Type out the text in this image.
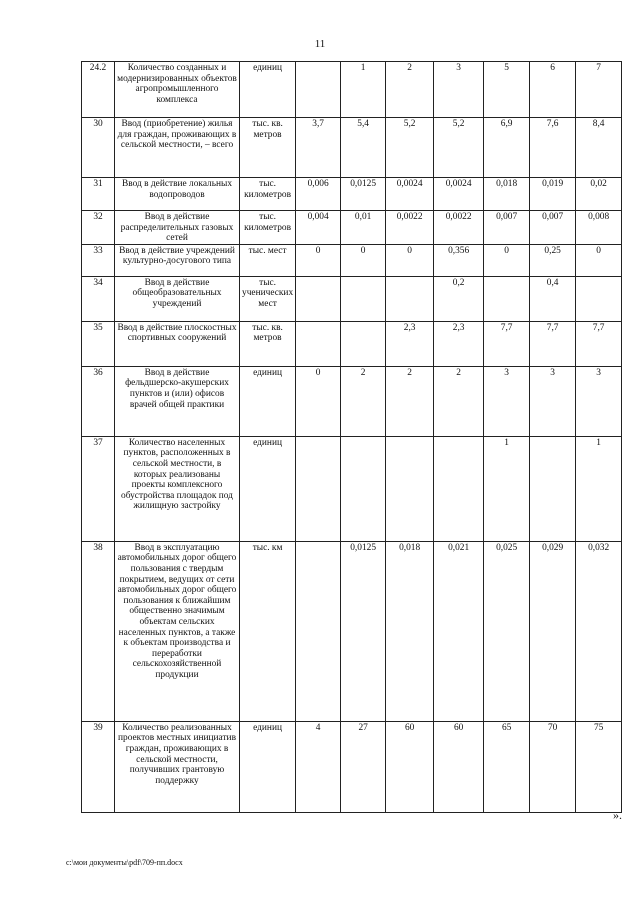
11
24.2	Количество созданных и модернизированных объектов агропромышленного комплекса	единиц		1	2	3	5	6	7
30	Ввод (приобретение) жилья для граждан, проживающих в сельской местности, – всего	тыс. кв. метров	3,7	5,4	5,2	5,2	6,9	7,6	8,4
31	Ввод в действие локальных водопроводов	тыс. километров	0,006	0,0125	0,0024	0,0024	0,018	0,019	0,02
32	Ввод в действие распределительных газовых сетей	тыс. километров	0,004	0,01	0,0022	0,0022	0,007	0,007	0,008
33	Ввод в действие учреждений культурно-досугового типа	тыс. мест	0	0	0	0,356	0	0,25	0
34	Ввод в действие общеобразовательных учреждений	тыс. ученических мест				0,2		0,4	
35	Ввод в действие плоскостных спортивных сооружений	тыс. кв. метров			2,3	2,3	7,7	7,7	7,7
36	Ввод в действие фельдшерско-акушерских пунктов и (или) офисов врачей общей практики	единиц	0	2	2	2	3	3	3
37	Количество населенных пунктов, расположенных в сельской местности, в которых реализованы проекты комплексного обустройства площадок под жилищную застройку	единиц					1		1
38	Ввод в эксплуатацию автомобильных дорог общего пользования с твердым покрытием, ведущих от сети автомобильных дорог общего пользования к ближайшим общественно значимым объектам сельских населенных пунктов, а также к объектам производства и переработки сельскохозяйственной продукции	тыс. км		0,0125	0,018	0,021	0,025	0,029	0,032
39	Количество реализованных проектов местных инициатив граждан, проживающих в сельской местности, получивших грантовую поддержку	единиц	4	27	60	60	65	70	75
».
c:\мои документы\pdf\709-пп.docx
